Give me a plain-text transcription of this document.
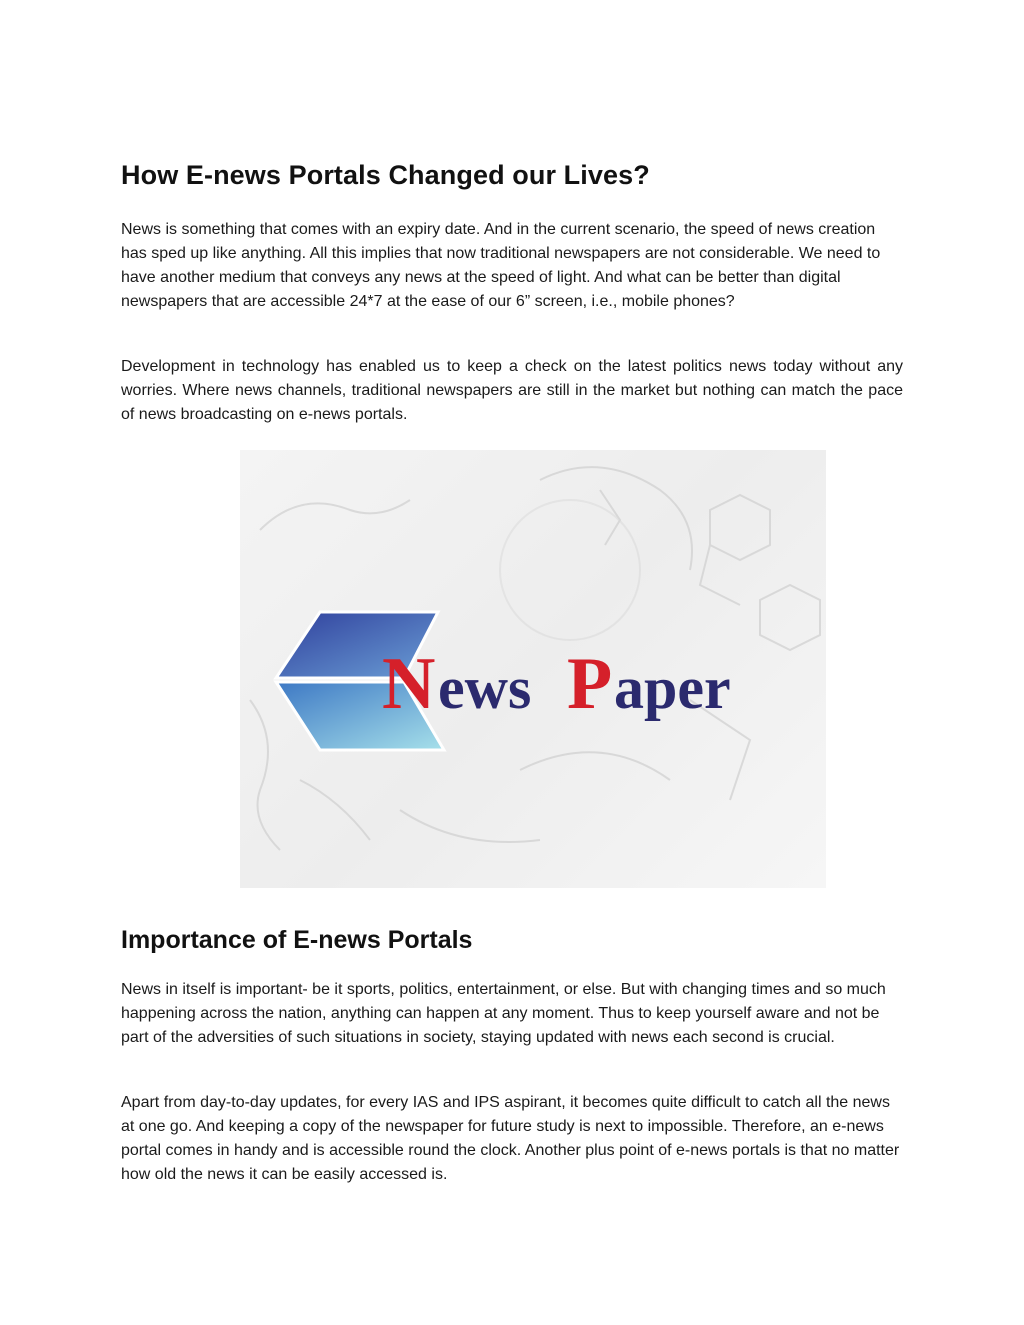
How E-news Portals Changed our Lives?

News is something that comes with an expiry date. And in the current scenario, the speed of news creation has sped up like anything. All this implies that now traditional newspapers are not considerable. We need to have another medium that conveys any news at the speed of light. And what can be better than digital newspapers that are accessible 24*7 at the ease of our 6” screen, i.e., mobile phones?

Development in technology has enabled us to keep a check on the latest politics news today without any worries. Where news channels, traditional newspapers are still in the market but nothing can match the pace of news broadcasting on e-news portals.

Importance of E-news Portals

News in itself is important- be it sports, politics, entertainment, or else. But with changing times and so much happening across the nation, anything can happen at any moment. Thus to keep yourself aware and not be part of the adversities of such situations in society, staying updated with news each second is crucial.

Apart from day-to-day updates, for every IAS and IPS aspirant, it becomes quite difficult to catch all the news at one go. And keeping a copy of the newspaper for future study is next to impossible. Therefore, an e-news portal comes in handy and is accessible round the clock. Another plus point of e-news portals is that no matter how old the news it can be easily accessed is.

N ews P aper
